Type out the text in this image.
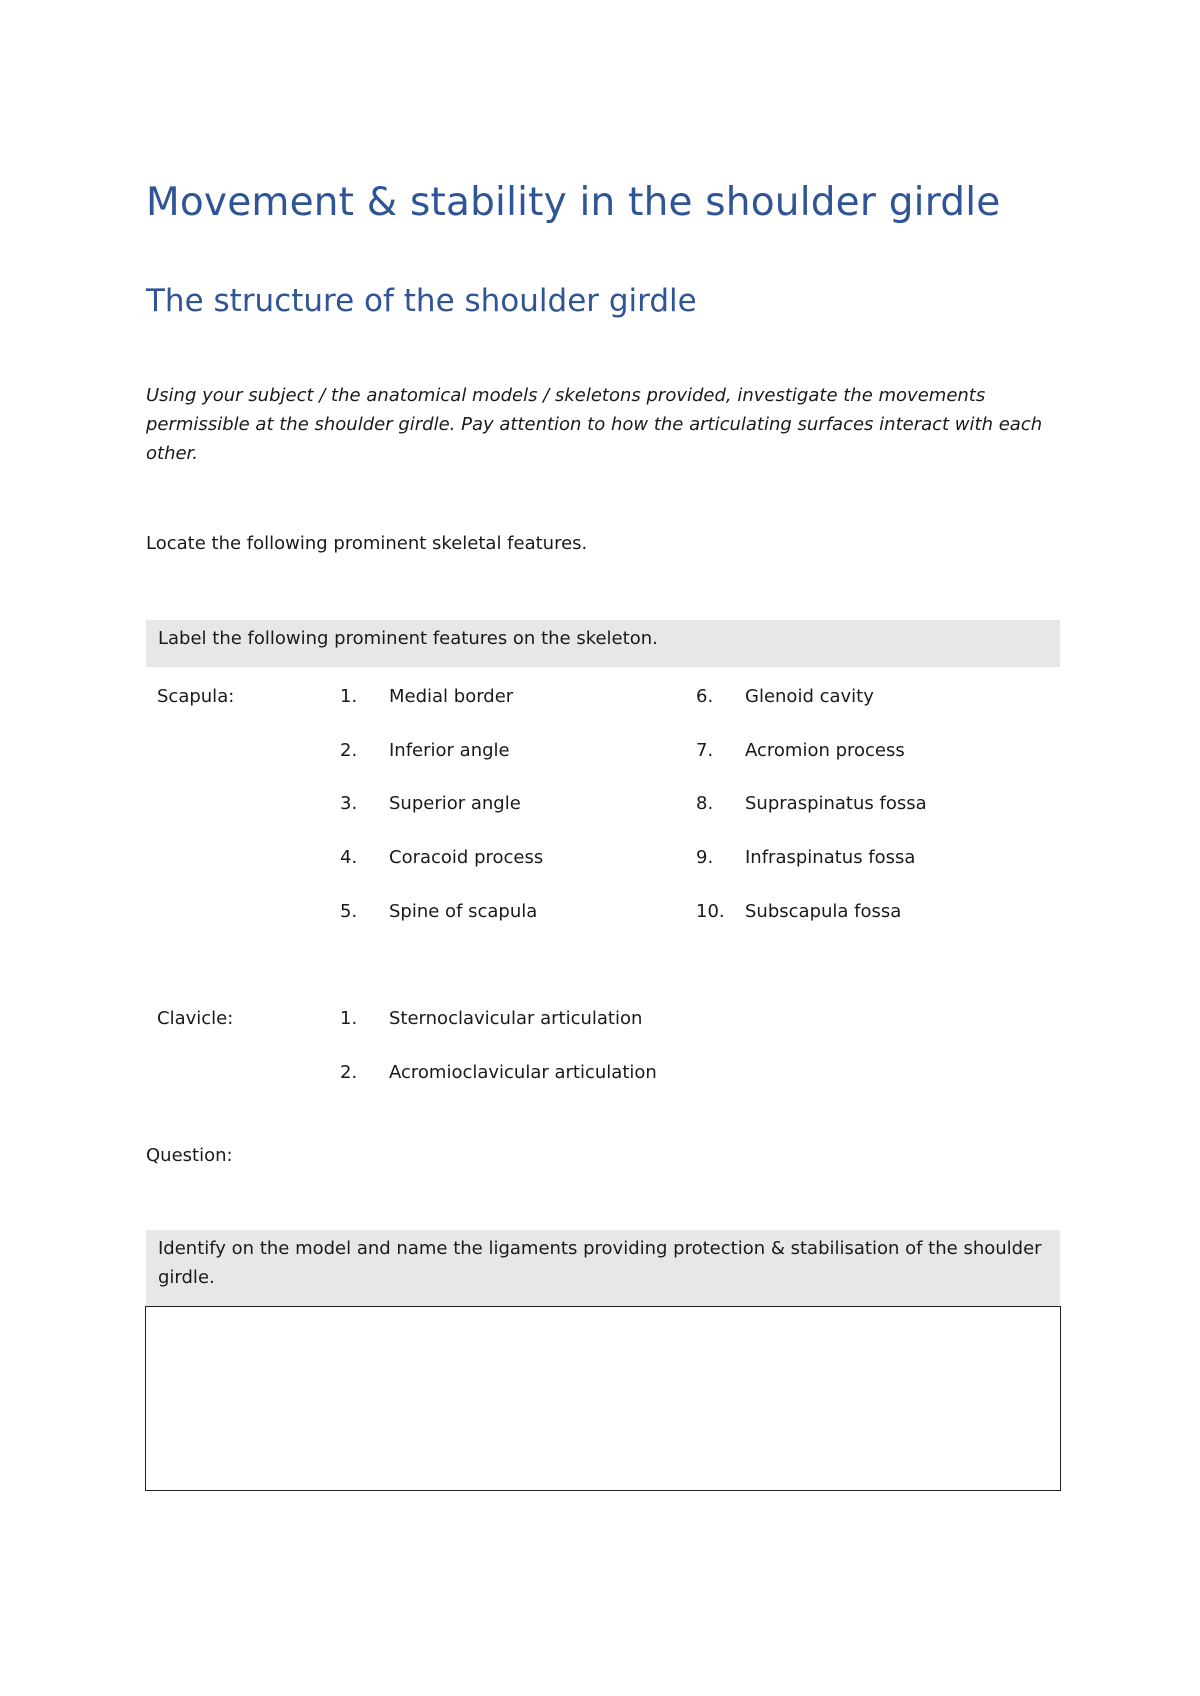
Movement & stability in the shoulder girdle
The structure of the shoulder girdle

Using your subject / the anatomical models / skeletons provided, investigate the movements permissible at the shoulder girdle. Pay attention to how the articulating surfaces interact with each other.

Locate the following prominent skeletal features.

Label the following prominent features on the skeleton.
Scapula:	1. Medial border	6. Glenoid cavity
2. Inferior angle	7. Acromion process
3. Superior angle	8. Supraspinatus fossa
4. Coracoid process	9. Infraspinatus fossa
5. Spine of scapula	10. Subscapula fossa
Clavicle:	1. Sternoclavicular articulation
2. Acromioclavicular articulation

Question:

Identify on the model and name the ligaments providing protection & stabilisation of the shoulder girdle.
